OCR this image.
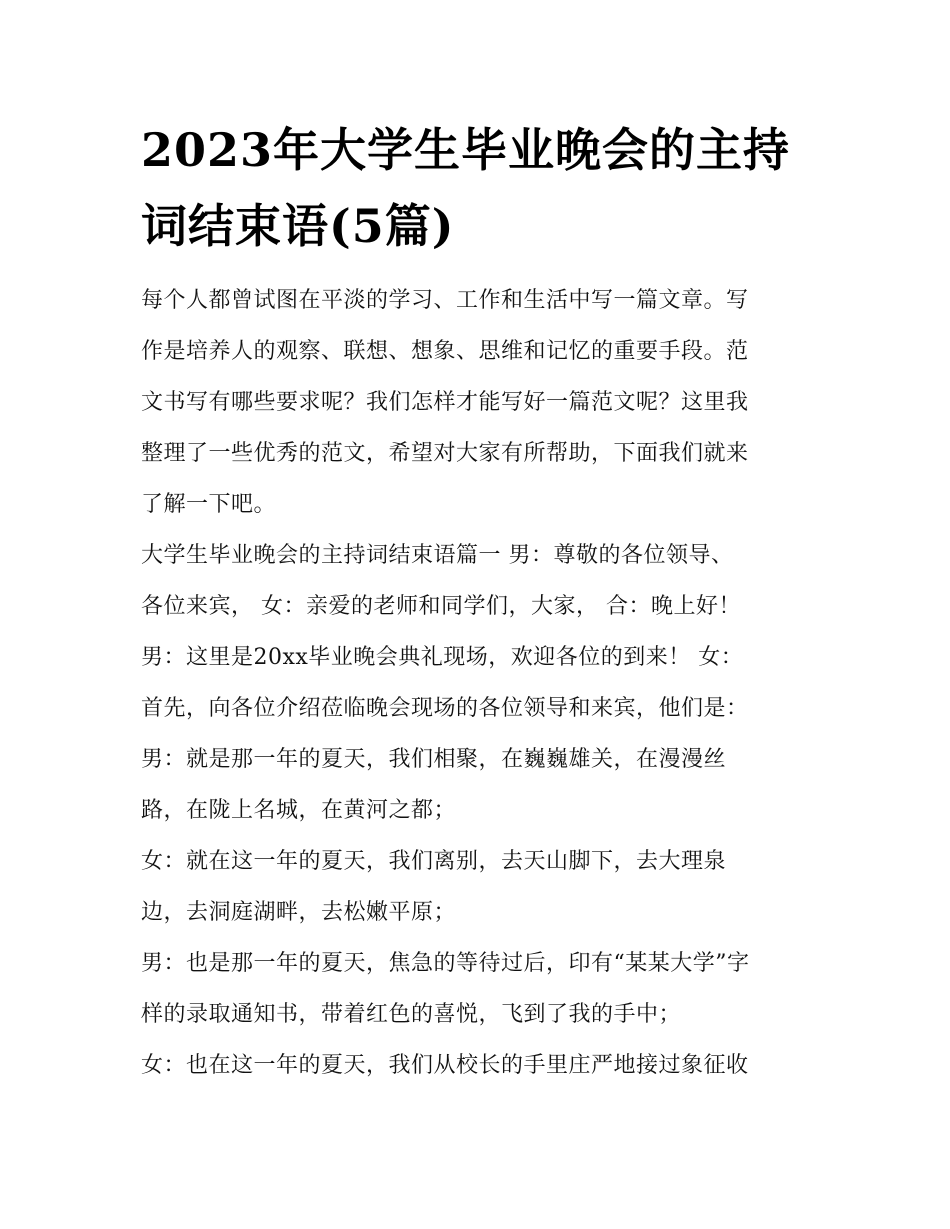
2023年大学生毕业晚会的主持
词结束语(5篇)
每个人都曾试图在平淡的学习、工作和生活中写一篇文章。写
作是培养人的观察、联想、想象、思维和记忆的重要手段。范
文书写有哪些要求呢？我们怎样才能写好一篇范文呢？这里我
整理了一些优秀的范文，希望对大家有所帮助，下面我们就来
了解一下吧。
大学生毕业晚会的主持词结束语篇一 男：尊敬的各位领导、
各位来宾， 女：亲爱的老师和同学们，大家， 合：晚上好！
男：这里是20xx毕业晚会典礼现场，欢迎各位的到来！ 女：
首先，向各位介绍莅临晚会现场的各位领导和来宾，他们是：
男：就是那一年的夏天，我们相聚，在巍巍雄关，在漫漫丝
路，在陇上名城，在黄河之都；
女：就在这一年的夏天，我们离别，去天山脚下，去大理泉
边，去洞庭湖畔，去松嫩平原；
男：也是那一年的夏天，焦急的等待过后，印有“某某大学”字
样的录取通知书，带着红色的喜悦，飞到了我的手中；
女：也在这一年的夏天，我们从校长的手里庄严地接过象征收
